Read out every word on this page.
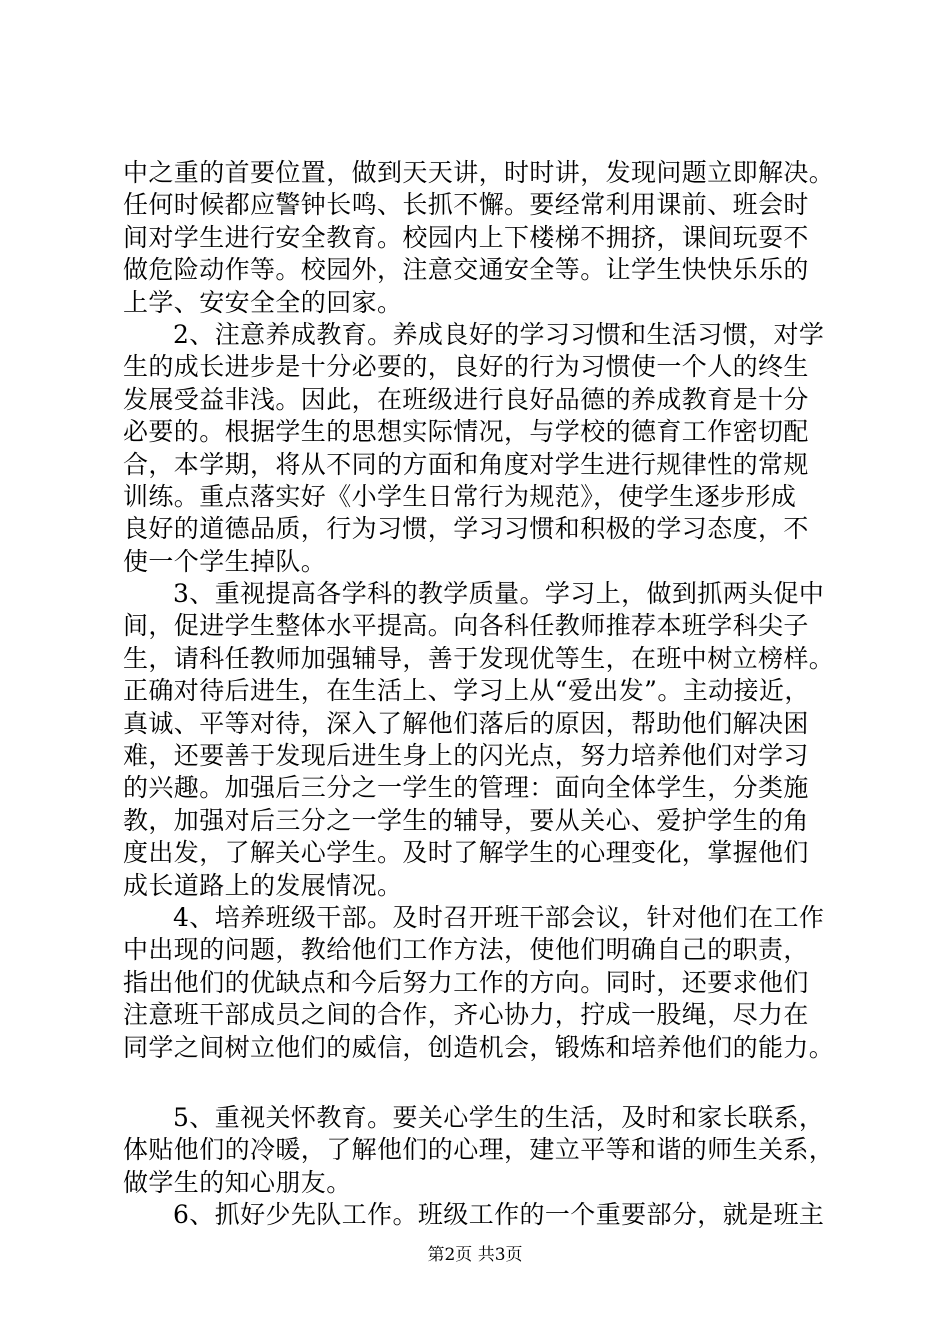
中之重的首要位置，做到天天讲，时时讲，发现问题立即解决。
任何时候都应警钟长鸣、长抓不懈。要经常利用课前、班会时
间对学生进行安全教育。校园内上下楼梯不拥挤，课间玩耍不
做危险动作等。校园外，注意交通安全等。让学生快快乐乐的
上学、安安全全的回家。
2、注意养成教育。养成良好的学习习惯和生活习惯，对学
生的成长进步是十分必要的，良好的行为习惯使一个人的终生
发展受益非浅。因此，在班级进行良好品德的养成教育是十分
必要的。根据学生的思想实际情况，与学校的德育工作密切配
合，本学期，将从不同的方面和角度对学生进行规律性的常规
训练。重点落实好《小学生日常行为规范》，使学生逐步形成
良好的道德品质，行为习惯，学习习惯和积极的学习态度，不
使一个学生掉队。
3、重视提高各学科的教学质量。学习上，做到抓两头促中
间，促进学生整体水平提高。向各科任教师推荐本班学科尖子
生，请科任教师加强辅导，善于发现优等生，在班中树立榜样。
正确对待后进生，在生活上、学习上从“爱出发”。主动接近，
真诚、平等对待，深入了解他们落后的原因，帮助他们解决困
难，还要善于发现后进生身上的闪光点，努力培养他们对学习
的兴趣。加强后三分之一学生的管理：面向全体学生，分类施
教，加强对后三分之一学生的辅导，要从关心、爱护学生的角
度出发，了解关心学生。及时了解学生的心理变化，掌握他们
成长道路上的发展情况。
4、培养班级干部。及时召开班干部会议，针对他们在工作
中出现的问题，教给他们工作方法，使他们明确自己的职责，
指出他们的优缺点和今后努力工作的方向。同时，还要求他们
注意班干部成员之间的合作，齐心协力，拧成一股绳，尽力在
同学之间树立他们的威信，创造机会，锻炼和培养他们的能力。
5、重视关怀教育。要关心学生的生活，及时和家长联系，
体贴他们的冷暖，了解他们的心理，建立平等和谐的师生关系，
做学生的知心朋友。
6、抓好少先队工作。班级工作的一个重要部分，就是班主
第2页 共3页
